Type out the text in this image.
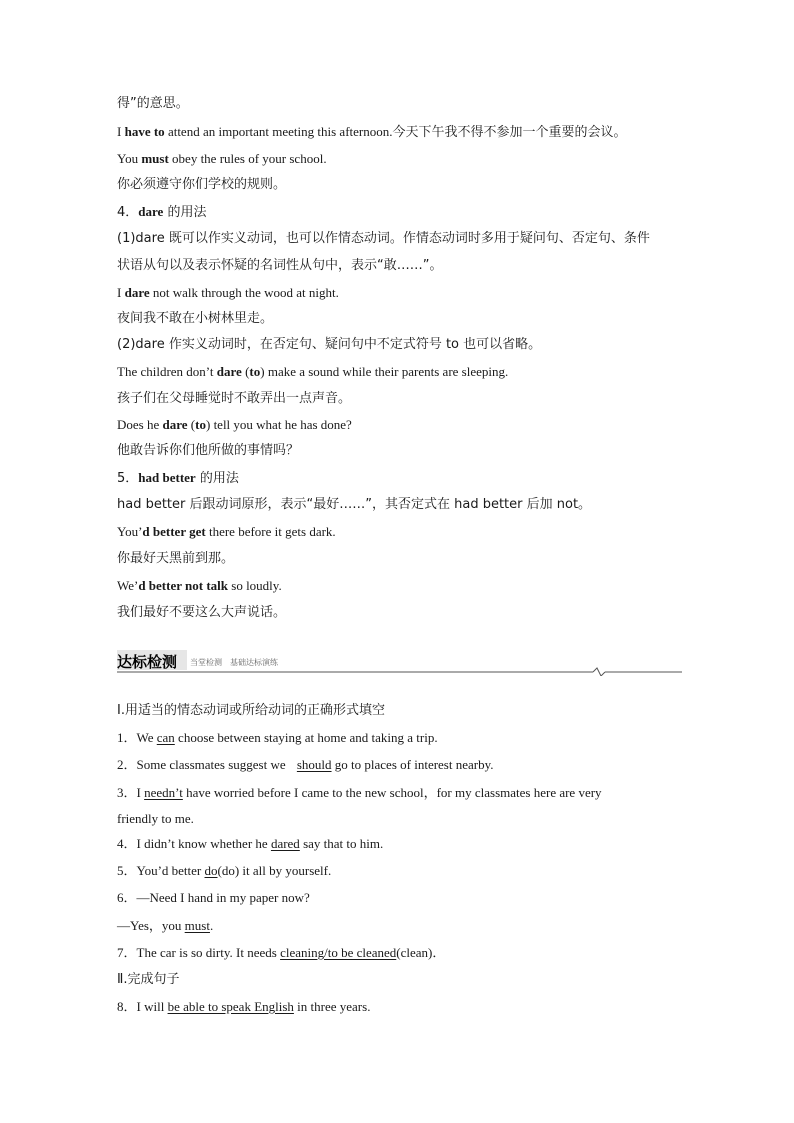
得”的意思。
I have to attend an important meeting this afternoon.今天下午我不得不参加一个重要的会议。
You must obey the rules of your school.
你必须遵守你们学校的规则。
4．dare 的用法
(1)dare 既可以作实义动词，也可以作情态动词。作情态动词时多用于疑问句、否定句、条件
状语从句以及表示怀疑的名词性从句中，表示“敢……”。
I dare not walk through the wood at night.
夜间我不敢在小树林里走。
(2)dare 作实义动词时，在否定句、疑问句中不定式符号 to 也可以省略。
The children don’t dare (to) make a sound while their parents are sleeping.
孩子们在父母睡觉时不敢弄出一点声音。
Does he dare (to) tell you what he has done?
他敢告诉你们他所做的事情吗？
5．had better 的用法
had better 后跟动词原形，表示“最好……”，其否定式在 had better 后加 not。
You’d better get there before it gets dark.
你最好天黑前到那。
We’d better not talk so loudly.
我们最好不要这么大声说话。
达标检测 当堂检测　基础达标演练
Ⅰ.用适当的情态动词或所给动词的正确形式填空
1．We can choose between staying at home and taking a trip.
2．Some classmates suggest we should go to places of interest nearby.
3．I needn’t have worried before I came to the new school，for my classmates here are very
friendly to me.
4．I didn’t know whether he dared say that to him.
5．You’d better do(do) it all by yourself.
6．—Need I hand in my paper now?
—Yes，you must.
7．The car is so dirty. It needs cleaning/to be cleaned(clean)．
Ⅱ.完成句子
8．I will be able to speak English in three years.
